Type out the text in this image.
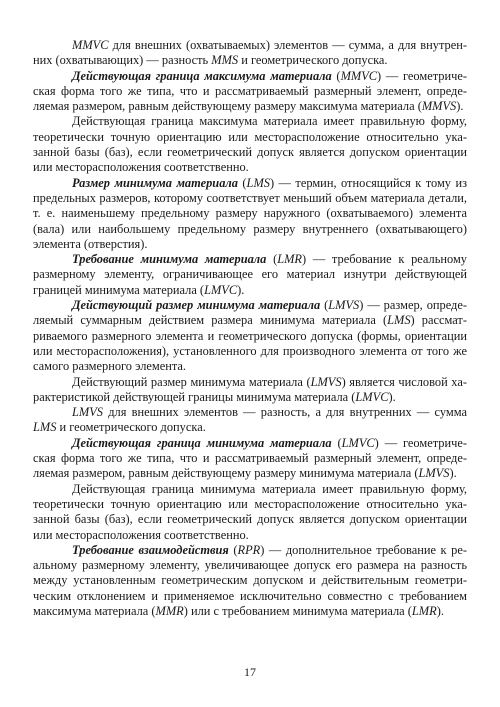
MMVC для внешних (охватываемых) элементов — сумма, а для внутренних (охватывающих) — разность MMS и геометрического допуска.

Действующая граница максимума материала (MMVC) — геометрическая форма того же типа, что и рассматриваемый размерный элемент, определяемая размером, равным действующему размеру максимума материала (MMVS).

Действующая граница максимума материала имеет правильную форму, теоретически точную ориентацию или месторасположение относительно указанной базы (баз), если геометрический допуск является допуском ориентации или месторасположения соответственно.

Размер минимума материала (LMS) — термин, относящийся к тому из предельных размеров, которому соответствует меньший объем материала детали, т. е. наименьшему предельному размеру наружного (охватываемого) элемента (вала) или наибольшему предельному размеру внутреннего (охватывающего) элемента (отверстия).

Требование минимума материала (LMR) — требование к реальному размерному элементу, ограничивающее его материал изнутри действующей границей минимума материала (LMVC).

Действующий размер минимума материала (LMVS) — размер, определяемый суммарным действием размера минимума материала (LMS) рассматриваемого размерного элемента и геометрического допуска (формы, ориентации или месторасположения), установленного для производного элемента от того же самого размерного элемента.

Действующий размер минимума материала (LMVS) является числовой характеристикой действующей границы минимума материала (LMVC).

LMVS для внешних элементов — разность, а для внутренних — сумма LMS и геометрического допуска.

Действующая граница минимума материала (LMVC) — геометрическая форма того же типа, что и рассматриваемый размерный элемент, определяемая размером, равным действующему размеру минимума материала (LMVS).

Действующая граница минимума материала имеет правильную форму, теоретически точную ориентацию или месторасположение относительно указанной базы (баз), если геометрический допуск является допуском ориентации или месторасположения соответственно.

Требование взаимодействия (RPR) — дополнительное требование к реальному размерному элементу, увеличивающее допуск его размера на разность между установленным геометрическим допуском и действительным геометрическим отклонением и применяемое исключительно совместно с требованием максимума материала (MMR) или с требованием минимума материала (LMR).

17
